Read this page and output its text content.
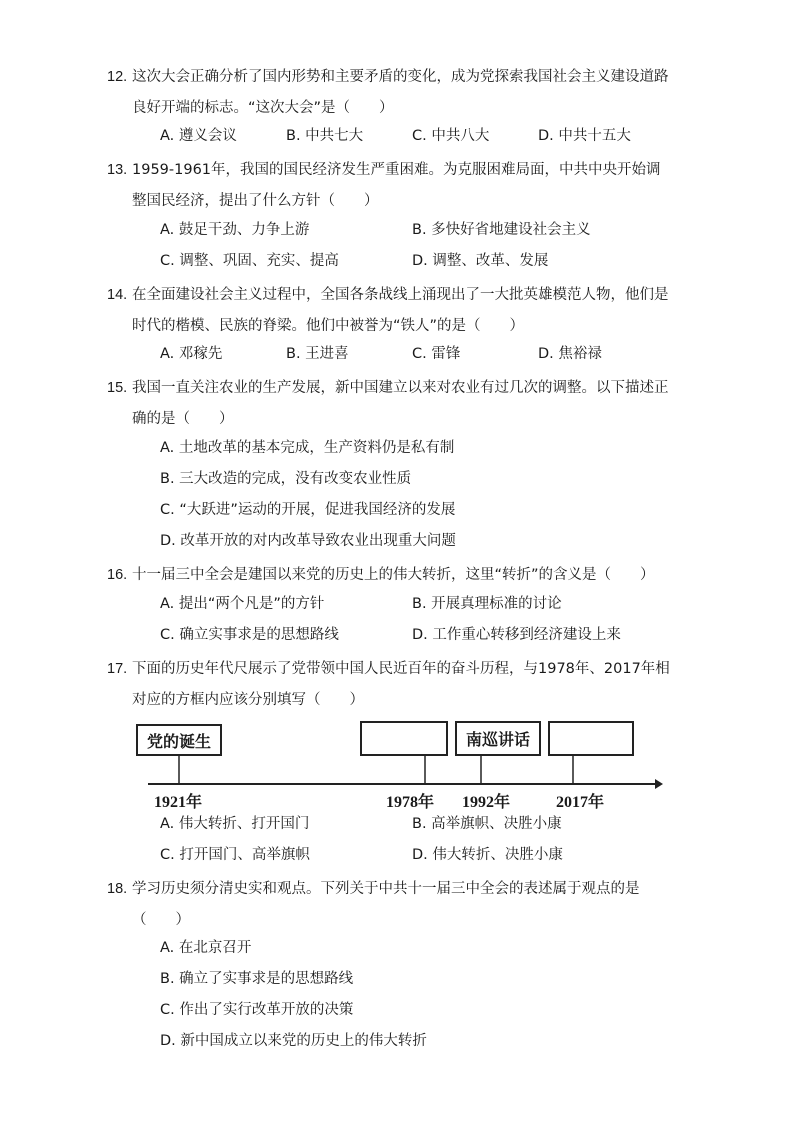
12. 这次大会正确分析了国内形势和主要矛盾的变化，成为党探索我国社会主义建设道路良好开端的标志。“这次大会”是（　　）
A. 遵义会议	B. 中共七大	C. 中共八大	D. 中共十五大
13. 1959-1961年，我国的国民经济发生严重困难。为克服困难局面，中共中央开始调整国民经济，提出了什么方针（　　）
A. 鼓足干劲、力争上游	B. 多快好省地建设社会主义
C. 调整、巩固、充实、提高	D. 调整、改革、发展
14. 在全面建设社会主义过程中，全国各条战线上涌现出了一大批英雄模范人物，他们是时代的楷模、民族的脊梁。他们中被誉为“铁人”的是（　　）
A. 邓稼先	B. 王进喜	C. 雷锋	D. 焦裕禄
15. 我国一直关注农业的生产发展，新中国建立以来对农业有过几次的调整。以下描述正确的是（　　）
A. 土地改革的基本完成，生产资料仍是私有制
B. 三大改造的完成，没有改变农业性质
C. “大跃进”运动的开展，促进我国经济的发展
D. 改革开放的对内改革导致农业出现重大问题
16. 十一届三中全会是建国以来党的历史上的伟大转折，这里“转折”的含义是（　　）
A. 提出“两个凡是”的方针	B. 开展真理标准的讨论
C. 确立实事求是的思想路线	D. 工作重心转移到经济建设上来
17. 下面的历史年代尺展示了党带领中国人民近百年的奋斗历程，与1978年、2017年相对应的方框内应该分别填写（　　）
党的诞生	南巡讲话
1921年	1978年 1992年	2017年
A. 伟大转折、打开国门	B. 高举旗帜、决胜小康
C. 打开国门、高举旗帜	D. 伟大转折、决胜小康
18. 学习历史须分清史实和观点。下列关于中共十一届三中全会的表述属于观点的是（　　）
A. 在北京召开
B. 确立了实事求是的思想路线
C. 作出了实行改革开放的决策
D. 新中国成立以来党的历史上的伟大转折
